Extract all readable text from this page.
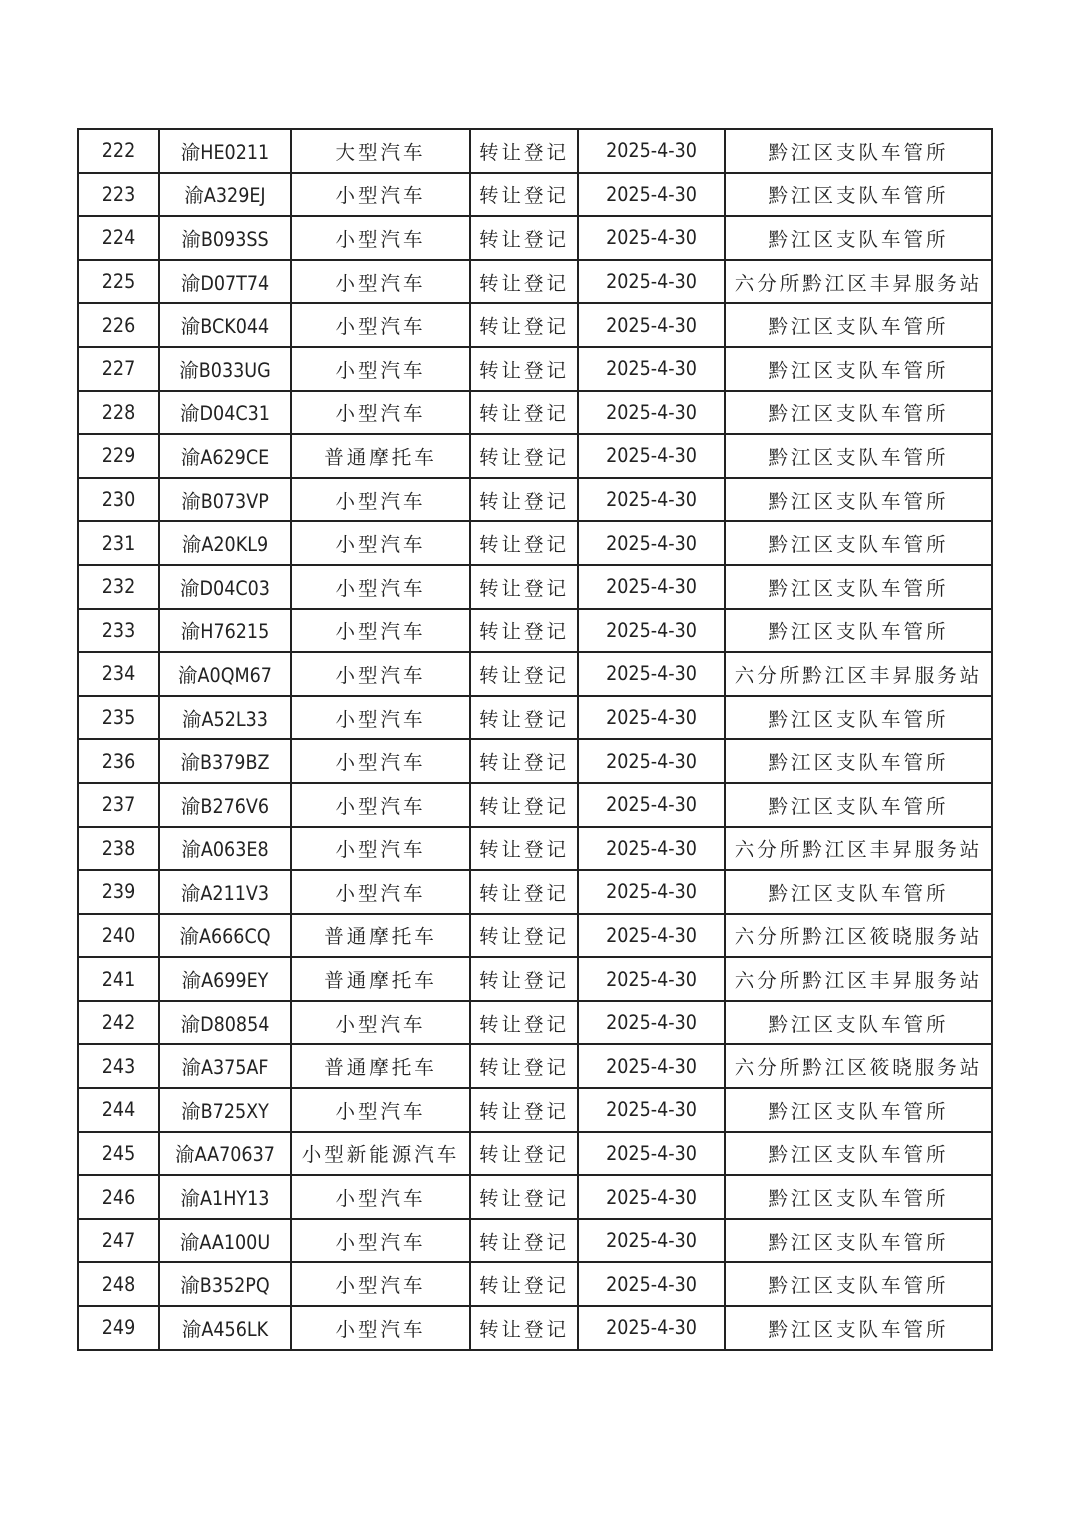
222	渝HE0211	大型汽车	转让登记	2025-4-30	黔江区支队车管所
223	渝A329EJ	小型汽车	转让登记	2025-4-30	黔江区支队车管所
224	渝B093SS	小型汽车	转让登记	2025-4-30	黔江区支队车管所
225	渝D07T74	小型汽车	转让登记	2025-4-30	六分所黔江区丰昇服务站
226	渝BCK044	小型汽车	转让登记	2025-4-30	黔江区支队车管所
227	渝B033UG	小型汽车	转让登记	2025-4-30	黔江区支队车管所
228	渝D04C31	小型汽车	转让登记	2025-4-30	黔江区支队车管所
229	渝A629CE	普通摩托车	转让登记	2025-4-30	黔江区支队车管所
230	渝B073VP	小型汽车	转让登记	2025-4-30	黔江区支队车管所
231	渝A20KL9	小型汽车	转让登记	2025-4-30	黔江区支队车管所
232	渝D04C03	小型汽车	转让登记	2025-4-30	黔江区支队车管所
233	渝H76215	小型汽车	转让登记	2025-4-30	黔江区支队车管所
234	渝A0QM67	小型汽车	转让登记	2025-4-30	六分所黔江区丰昇服务站
235	渝A52L33	小型汽车	转让登记	2025-4-30	黔江区支队车管所
236	渝B379BZ	小型汽车	转让登记	2025-4-30	黔江区支队车管所
237	渝B276V6	小型汽车	转让登记	2025-4-30	黔江区支队车管所
238	渝A063E8	小型汽车	转让登记	2025-4-30	六分所黔江区丰昇服务站
239	渝A211V3	小型汽车	转让登记	2025-4-30	黔江区支队车管所
240	渝A666CQ	普通摩托车	转让登记	2025-4-30	六分所黔江区筱晓服务站
241	渝A699EY	普通摩托车	转让登记	2025-4-30	六分所黔江区丰昇服务站
242	渝D80854	小型汽车	转让登记	2025-4-30	黔江区支队车管所
243	渝A375AF	普通摩托车	转让登记	2025-4-30	六分所黔江区筱晓服务站
244	渝B725XY	小型汽车	转让登记	2025-4-30	黔江区支队车管所
245	渝AA70637	小型新能源汽车	转让登记	2025-4-30	黔江区支队车管所
246	渝A1HY13	小型汽车	转让登记	2025-4-30	黔江区支队车管所
247	渝AA100U	小型汽车	转让登记	2025-4-30	黔江区支队车管所
248	渝B352PQ	小型汽车	转让登记	2025-4-30	黔江区支队车管所
249	渝A456LK	小型汽车	转让登记	2025-4-30	黔江区支队车管所
